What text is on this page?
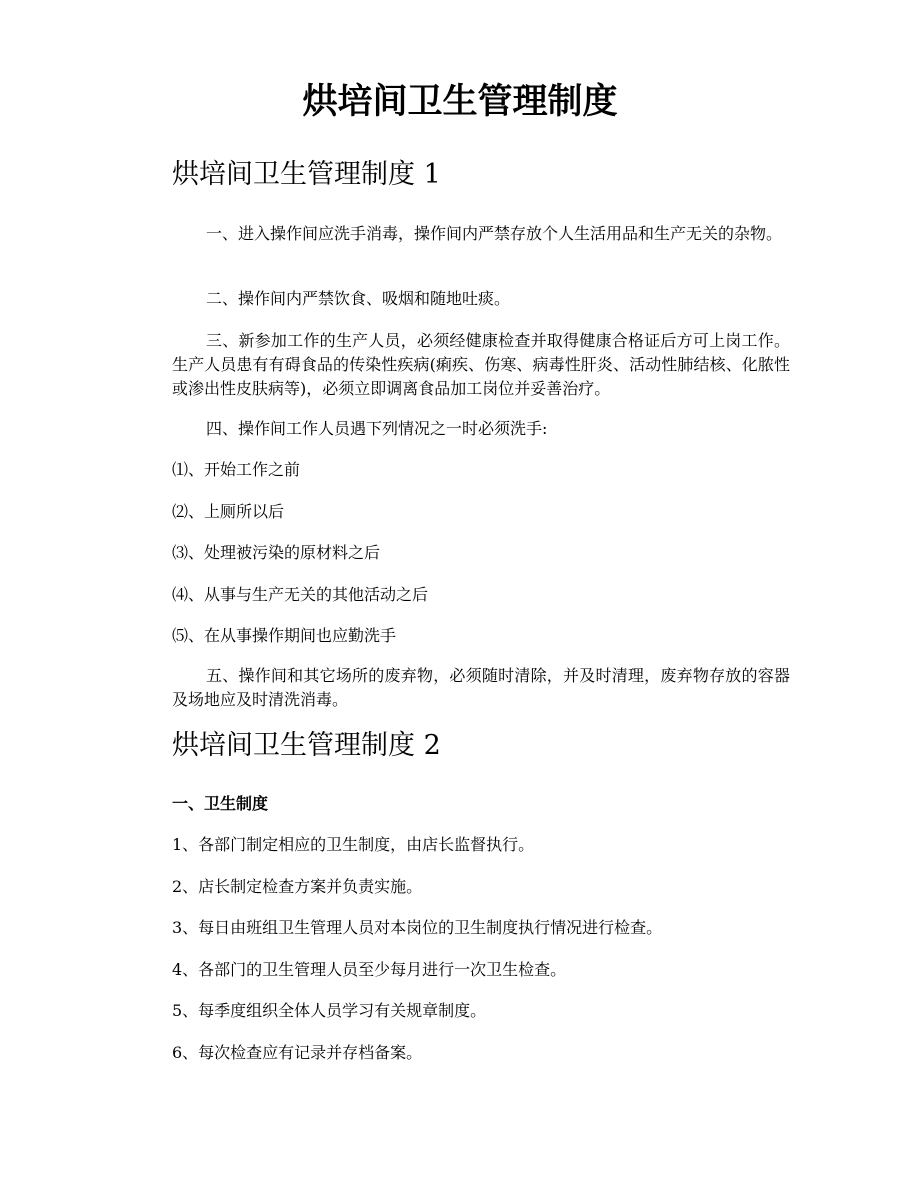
烘培间卫生管理制度
烘培间卫生管理制度 1

一、进入操作间应洗手消毒，操作间内严禁存放个人生活用品和生产无关的杂物。

二、操作间内严禁饮食、吸烟和随地吐痰。

三、新参加工作的生产人员，必须经健康检查并取得健康合格证后方可上岗工作。生产人员患有有碍食品的传染性疾病(痢疾、伤寒、病毒性肝炎、活动性肺结核、化脓性或渗出性皮肤病等)，必须立即调离食品加工岗位并妥善治疗。

四、操作间工作人员遇下列情况之一时必须洗手:

⑴、开始工作之前

⑵、上厕所以后

⑶、处理被污染的原材料之后

⑷、从事与生产无关的其他活动之后

⑸、在从事操作期间也应勤洗手

五、操作间和其它场所的废弃物，必须随时清除，并及时清理，废弃物存放的容器及场地应及时清洗消毒。

烘培间卫生管理制度 2

一、卫生制度

1、各部门制定相应的卫生制度，由店长监督执行。

2、店长制定检查方案并负责实施。

3、每日由班组卫生管理人员对本岗位的卫生制度执行情况进行检查。

4、各部门的卫生管理人员至少每月进行一次卫生检查。

5、每季度组织全体人员学习有关规章制度。

6、每次检查应有记录并存档备案。
